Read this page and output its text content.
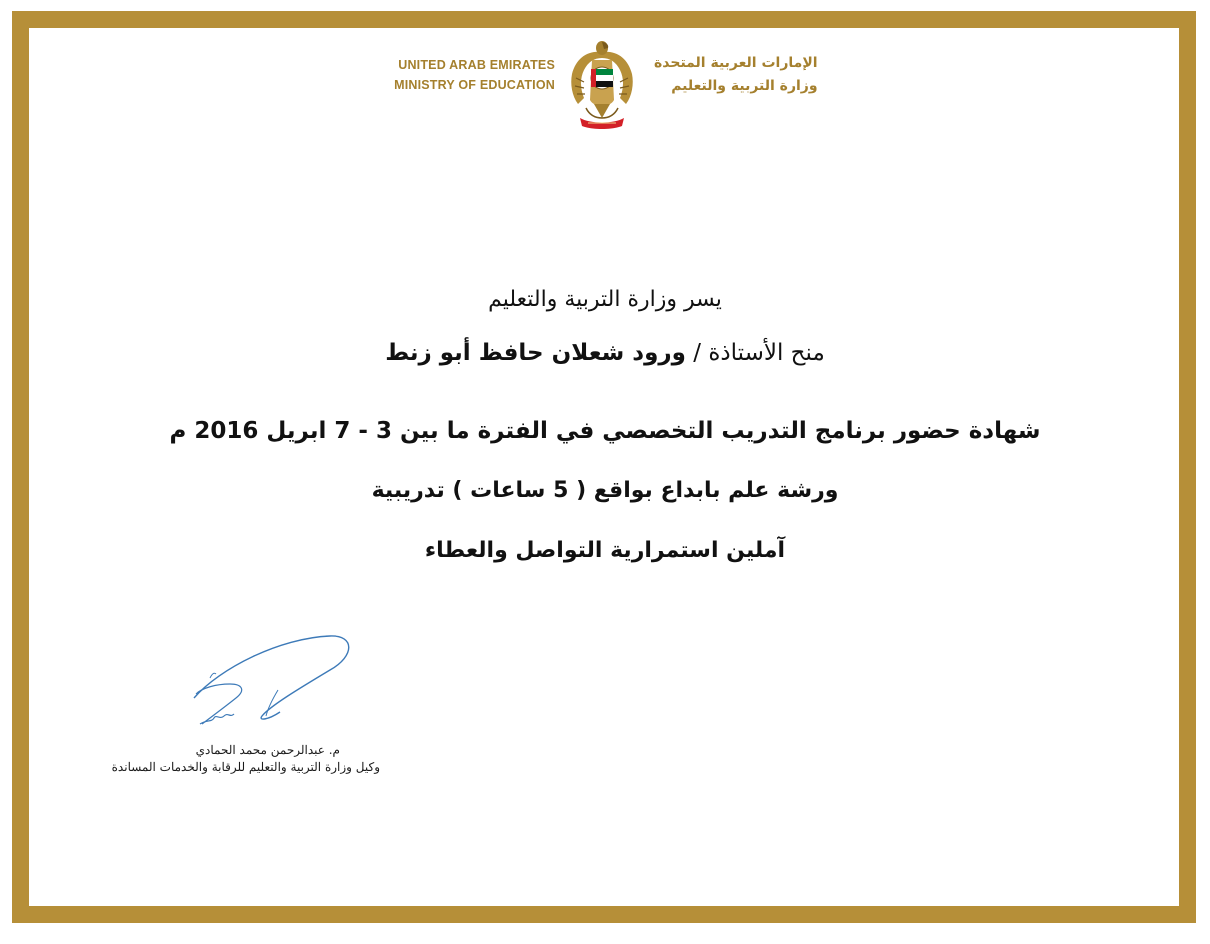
UNITED ARAB EMIRATES
MINISTRY OF EDUCATION
الإمارات العربية المتحدة
وزارة التربية والتعليم
يسر وزارة التربية والتعليم
منح الأستاذة / ورود شعلان حافظ أبو زنط
شهادة حضور برنامج التدريب التخصصي في الفترة ما بين 3 - 7 ابريل 2016 م
ورشة علم بابداع بواقع ( 5 ساعات ) تدريبية
آملين استمرارية التواصل والعطاء
م. عبدالرحمن محمد الحمادي
وكيل وزارة التربية والتعليم للرقابة والخدمات المساندة
